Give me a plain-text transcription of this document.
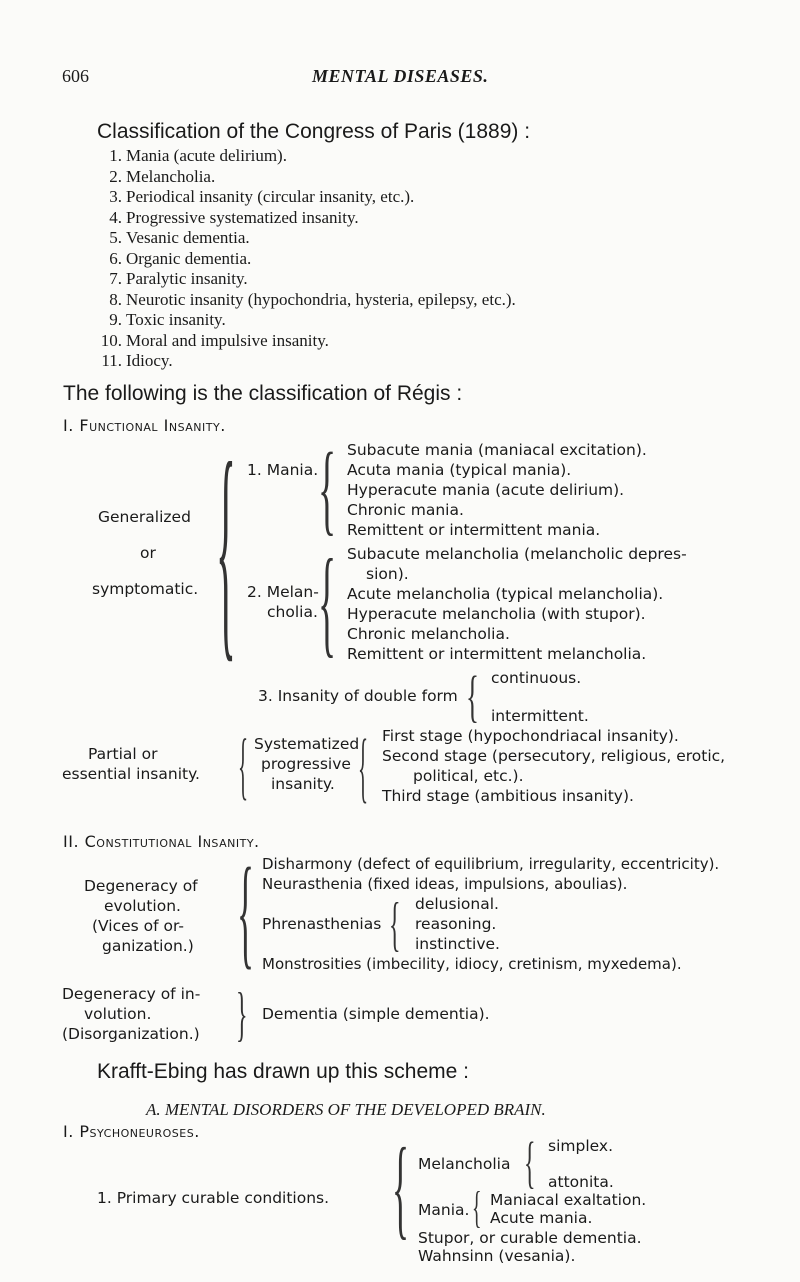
606	MENTAL DISEASES.
Classification of the Congress of Paris (1889) :
1. Mania (acute delirium).
2. Melancholia.
3. Periodical insanity (circular insanity, etc.).
4. Progressive systematized insanity.
5. Vesanic dementia.
6. Organic dementia.
7. Paralytic insanity.
8. Neurotic insanity (hypochondria, hysteria, epilepsy, etc.).
9. Toxic insanity.
10. Moral and impulsive insanity.
11. Idiocy.
The following is the classification of Régis :
I. Functional Insanity.
Generalized
or
symptomatic. { 1. Mania. { Subacute mania (maniacal excitation).
Acuta mania (typical mania).
Hyperacute mania (acute delirium).
Chronic mania.
Remittent or intermittent mania.
2. Melan-
cholia. { Subacute melancholia (melancholic depres-
sion).
Acute melancholia (typical melancholia).
Hyperacute melancholia (with stupor).
Chronic melancholia.
Remittent or intermittent melancholia.
3. Insanity of double form { continuous.
intermittent.
Partial or
essential insanity. { Systematized
progressive
insanity. { First stage (hypochondriacal insanity).
Second stage (persecutory, religious, erotic,
political, etc.).
Third stage (ambitious insanity).
II. Constitutional Insanity.
Degeneracy of
evolution.
(Vices of or-
ganization.) { Disharmony (defect of equilibrium, irregularity, eccentricity).
Neurasthenia (fixed ideas, impulsions, aboulias).
Phrenasthenias { delusional.
reasoning.
instinctive.
Monstrosities (imbecility, idiocy, cretinism, myxedema).
Degeneracy of in-
volution.
(Disorganization.) } Dementia (simple dementia).
Krafft-Ebing has drawn up this scheme :
A. MENTAL DISORDERS OF THE DEVELOPED BRAIN.
I. Psychoneuroses.
1. Primary curable conditions. { Melancholia { simplex.
attonita.
Mania. { Maniacal exaltation.
Acute mania.
Stupor, or curable dementia.
Wahnsinn (vesania).
